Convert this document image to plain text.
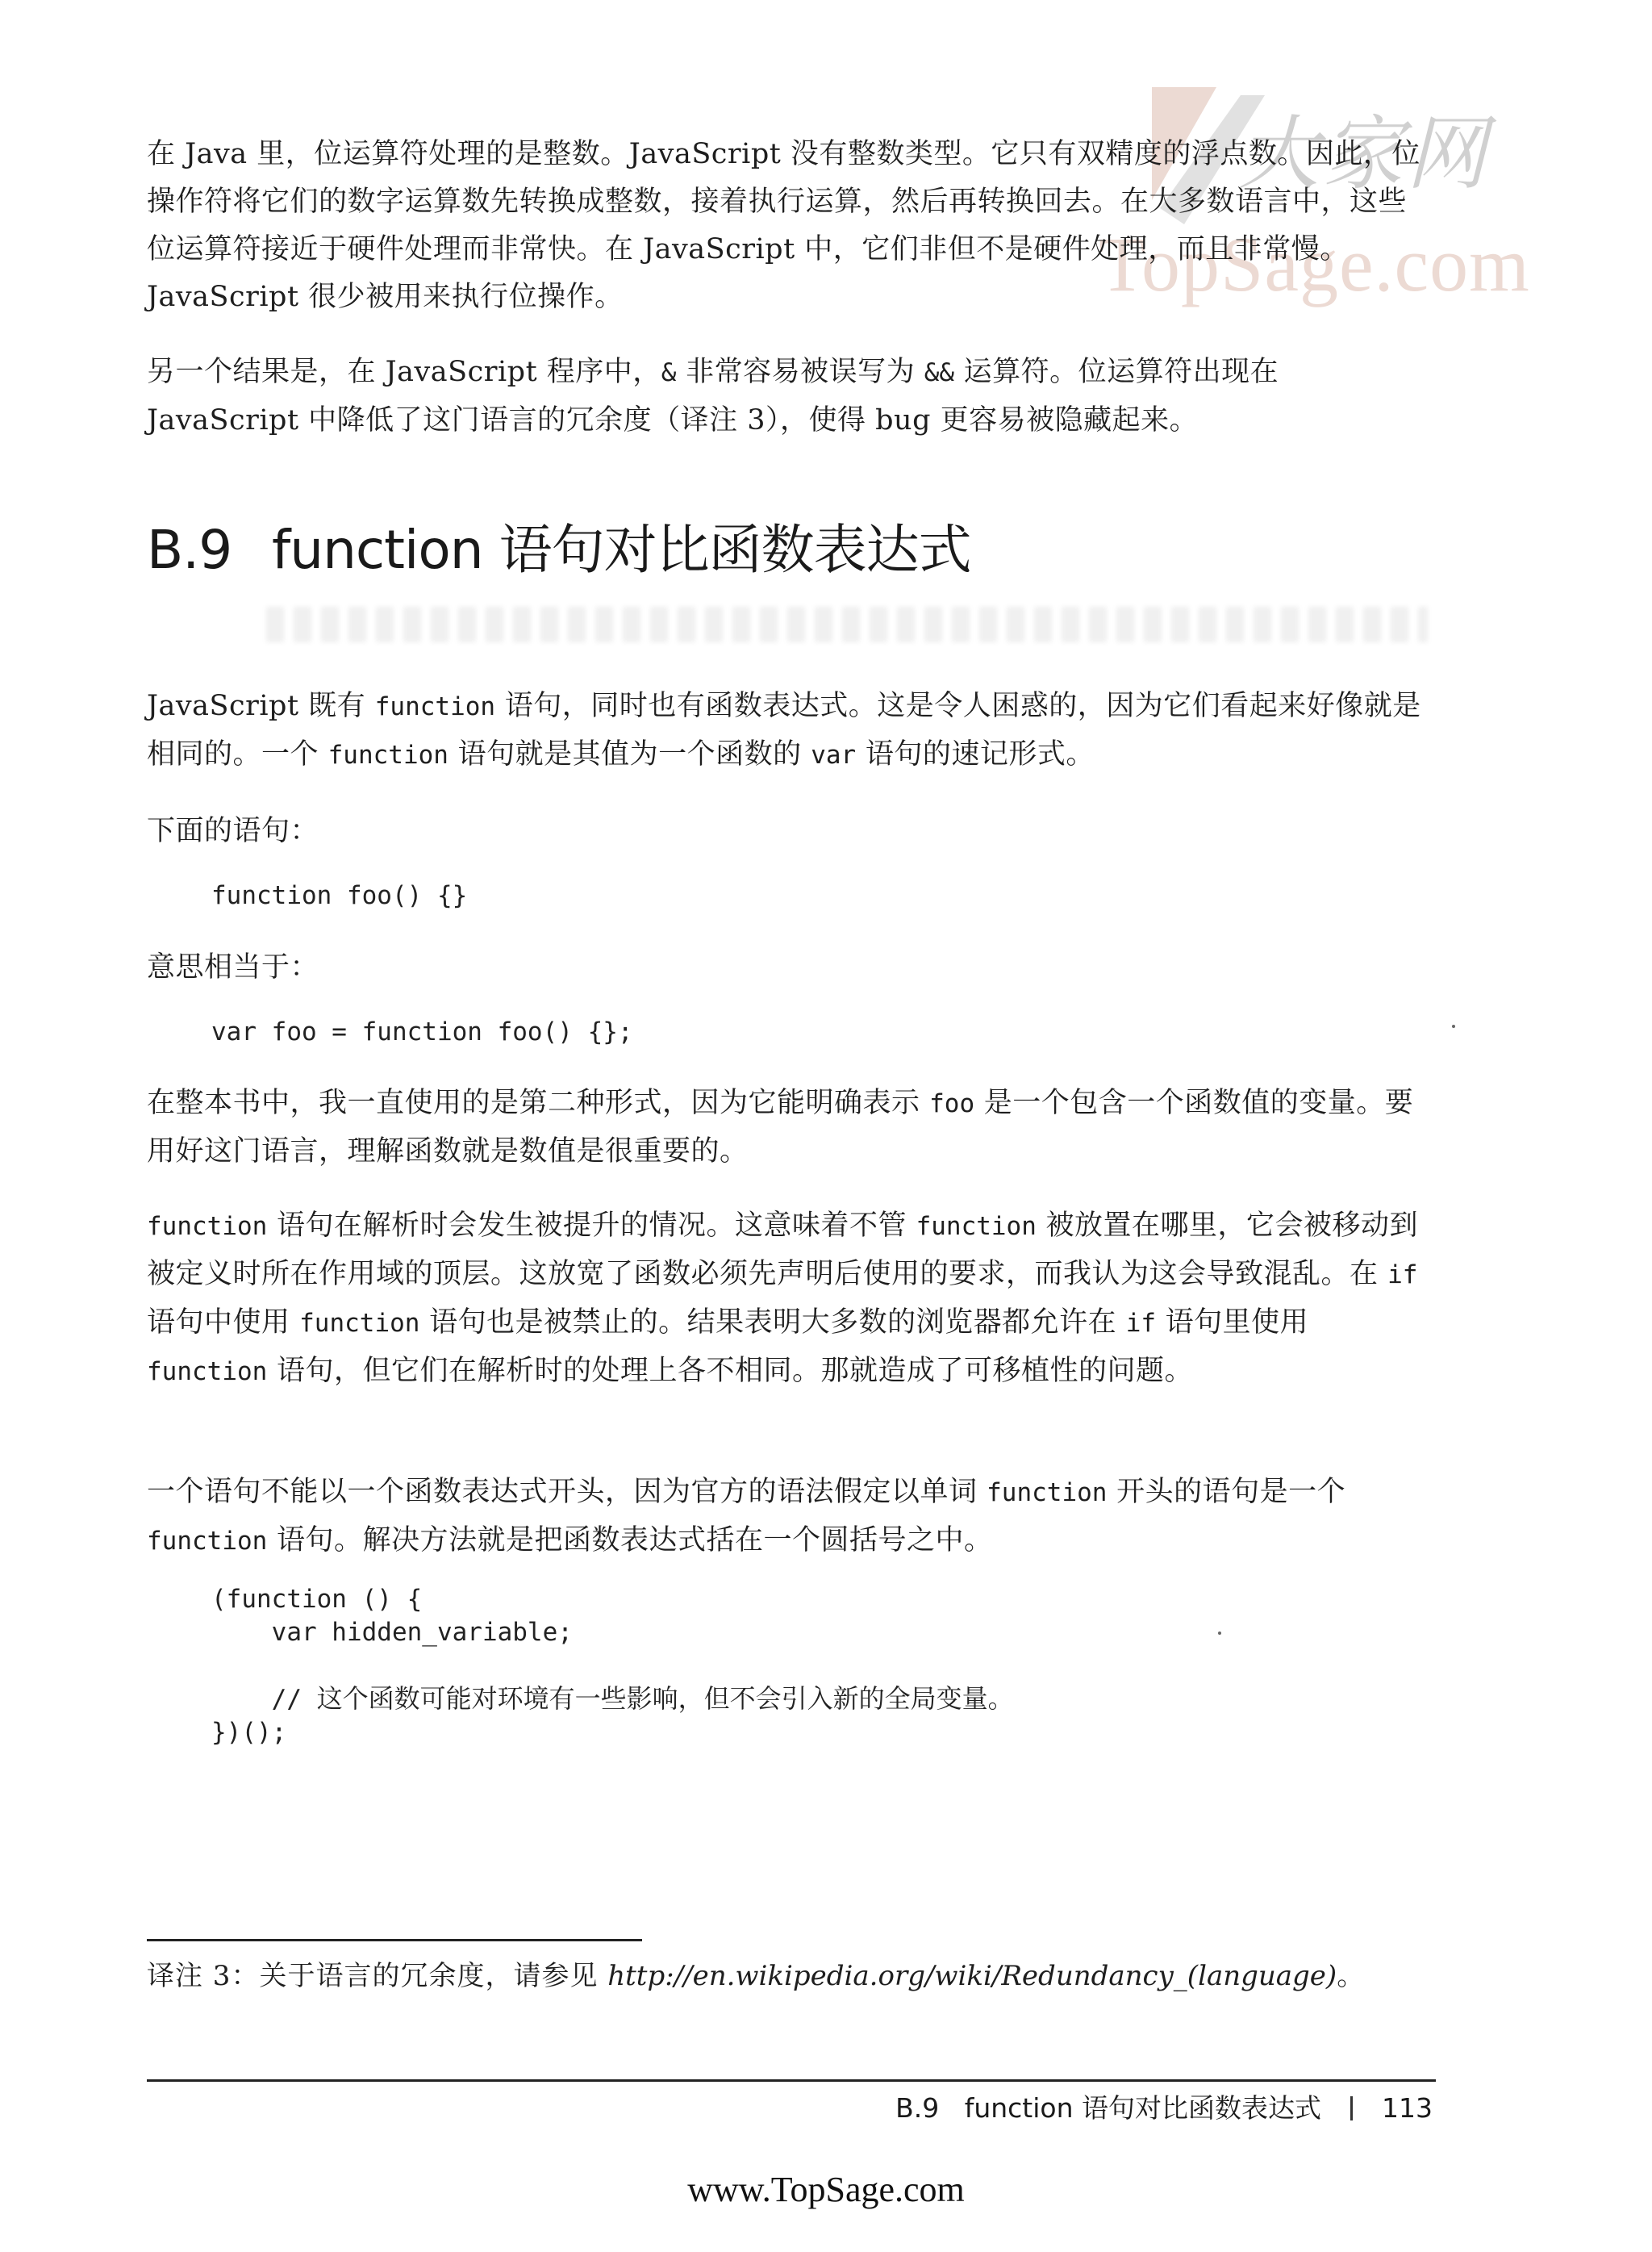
大家网
TopSage.com

在 Java 里，位运算符处理的是整数。JavaScript 没有整数类型。它只有双精度的浮点数。因此，位操作符将它们的数字运算数先转换成整数，接着执行运算，然后再转换回去。在大多数语言中，这些位运算符接近于硬件处理而非常快。在 JavaScript 中，它们非但不是硬件处理，而且非常慢。JavaScript 很少被用来执行位操作。

另一个结果是，在 JavaScript 程序中，& 非常容易被误写为 && 运算符。位运算符出现在 JavaScript 中降低了这门语言的冗余度（译注 3），使得 bug 更容易被隐藏起来。

B.9 function 语句对比函数表达式

JavaScript 既有 function 语句，同时也有函数表达式。这是令人困惑的，因为它们看起来好像就是相同的。一个 function 语句就是其值为一个函数的 var 语句的速记形式。

下面的语句：

function foo() {}

意思相当于：

var foo = function foo() {};

在整本书中，我一直使用的是第二种形式，因为它能明确表示 foo 是一个包含一个函数值的变量。要用好这门语言，理解函数就是数值是很重要的。

function 语句在解析时会发生被提升的情况。这意味着不管 function 被放置在哪里，它会被移动到被定义时所在作用域的顶层。这放宽了函数必须先声明后使用的要求，而我认为这会导致混乱。在 if 语句中使用 function 语句也是被禁止的。结果表明大多数的浏览器都允许在 if 语句里使用 function 语句，但它们在解析时的处理上各不相同。那就造成了可移植性的问题。

一个语句不能以一个函数表达式开头，因为官方的语法假定以单词 function 开头的语句是一个 function 语句。解决方法就是把函数表达式括在一个圆括号之中。

(function () {
var hidden_variable;
// 这个函数可能对环境有一些影响，但不会引入新的全局变量。
})();

译注 3：关于语言的冗余度，请参见 http://en.wikipedia.org/wiki/Redundancy_(language)。

B.9 function 语句对比函数表达式 113
www.TopSage.com
